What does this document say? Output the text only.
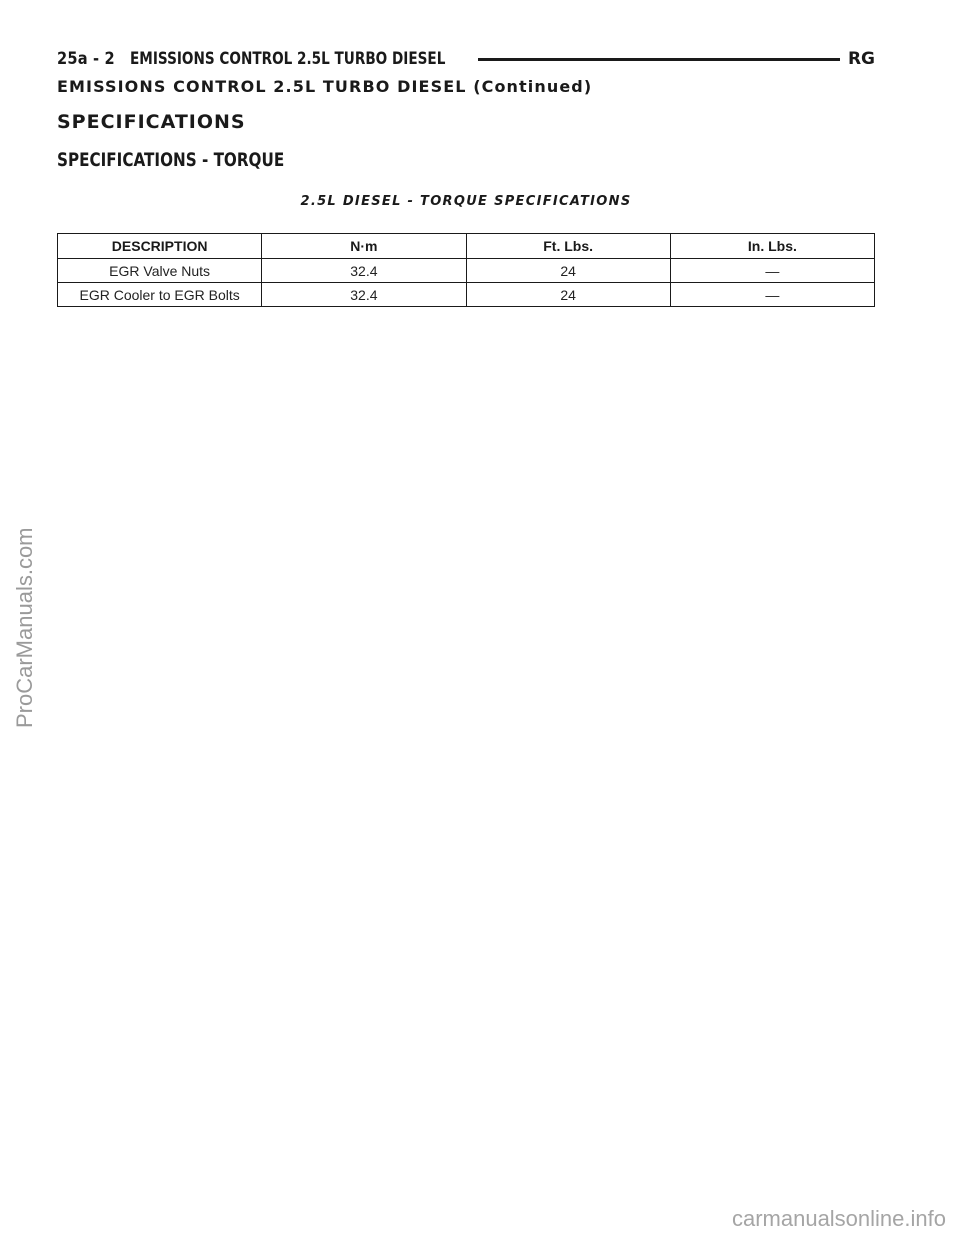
25a - 2 EMISSIONS CONTROL 2.5L TURBO DIESEL	RG
EMISSIONS CONTROL 2.5L TURBO DIESEL (Continued)
SPECIFICATIONS
SPECIFICATIONS - TORQUE
2.5L DIESEL - TORQUE SPECIFICATIONS
DESCRIPTION	N·m	Ft. Lbs.	In. Lbs.
EGR Valve Nuts	32.4	24	—
EGR Cooler to EGR Bolts	32.4	24	—
ProCarManuals.com
carmanualsonline.info
